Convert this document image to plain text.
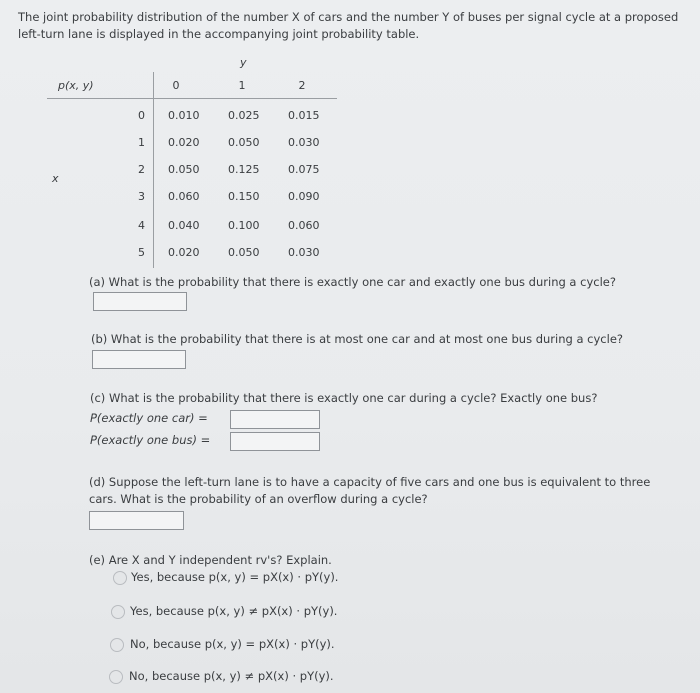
The joint probability distribution of the number X of cars and the number Y of buses per signal cycle at a proposed left-turn lane is displayed in the accompanying joint probability table.
y
p(x, y)	0	1	2
x
0 0.010	0.025	0.015
1 0.020	0.050	0.030
2 0.050	0.125	0.075
3 0.060	0.150	0.090
4 0.040	0.100	0.060
5 0.020	0.050	0.030
(a) What is the probability that there is exactly one car and exactly one bus during a cycle?
(b) What is the probability that there is at most one car and at most one bus during a cycle?
(c) What is the probability that there is exactly one car during a cycle? Exactly one bus?
P(exactly one car) =
P(exactly one bus) =
(d) Suppose the left-turn lane is to have a capacity of five cars and one bus is equivalent to three cars. What is the probability of an overflow during a cycle?
(e) Are X and Y independent rv's? Explain.
Yes, because p(x, y) = pX(x) · pY(y).
Yes, because p(x, y) ≠ pX(x) · pY(y).
No, because p(x, y) = pX(x) · pY(y).
No, because p(x, y) ≠ pX(x) · pY(y).
